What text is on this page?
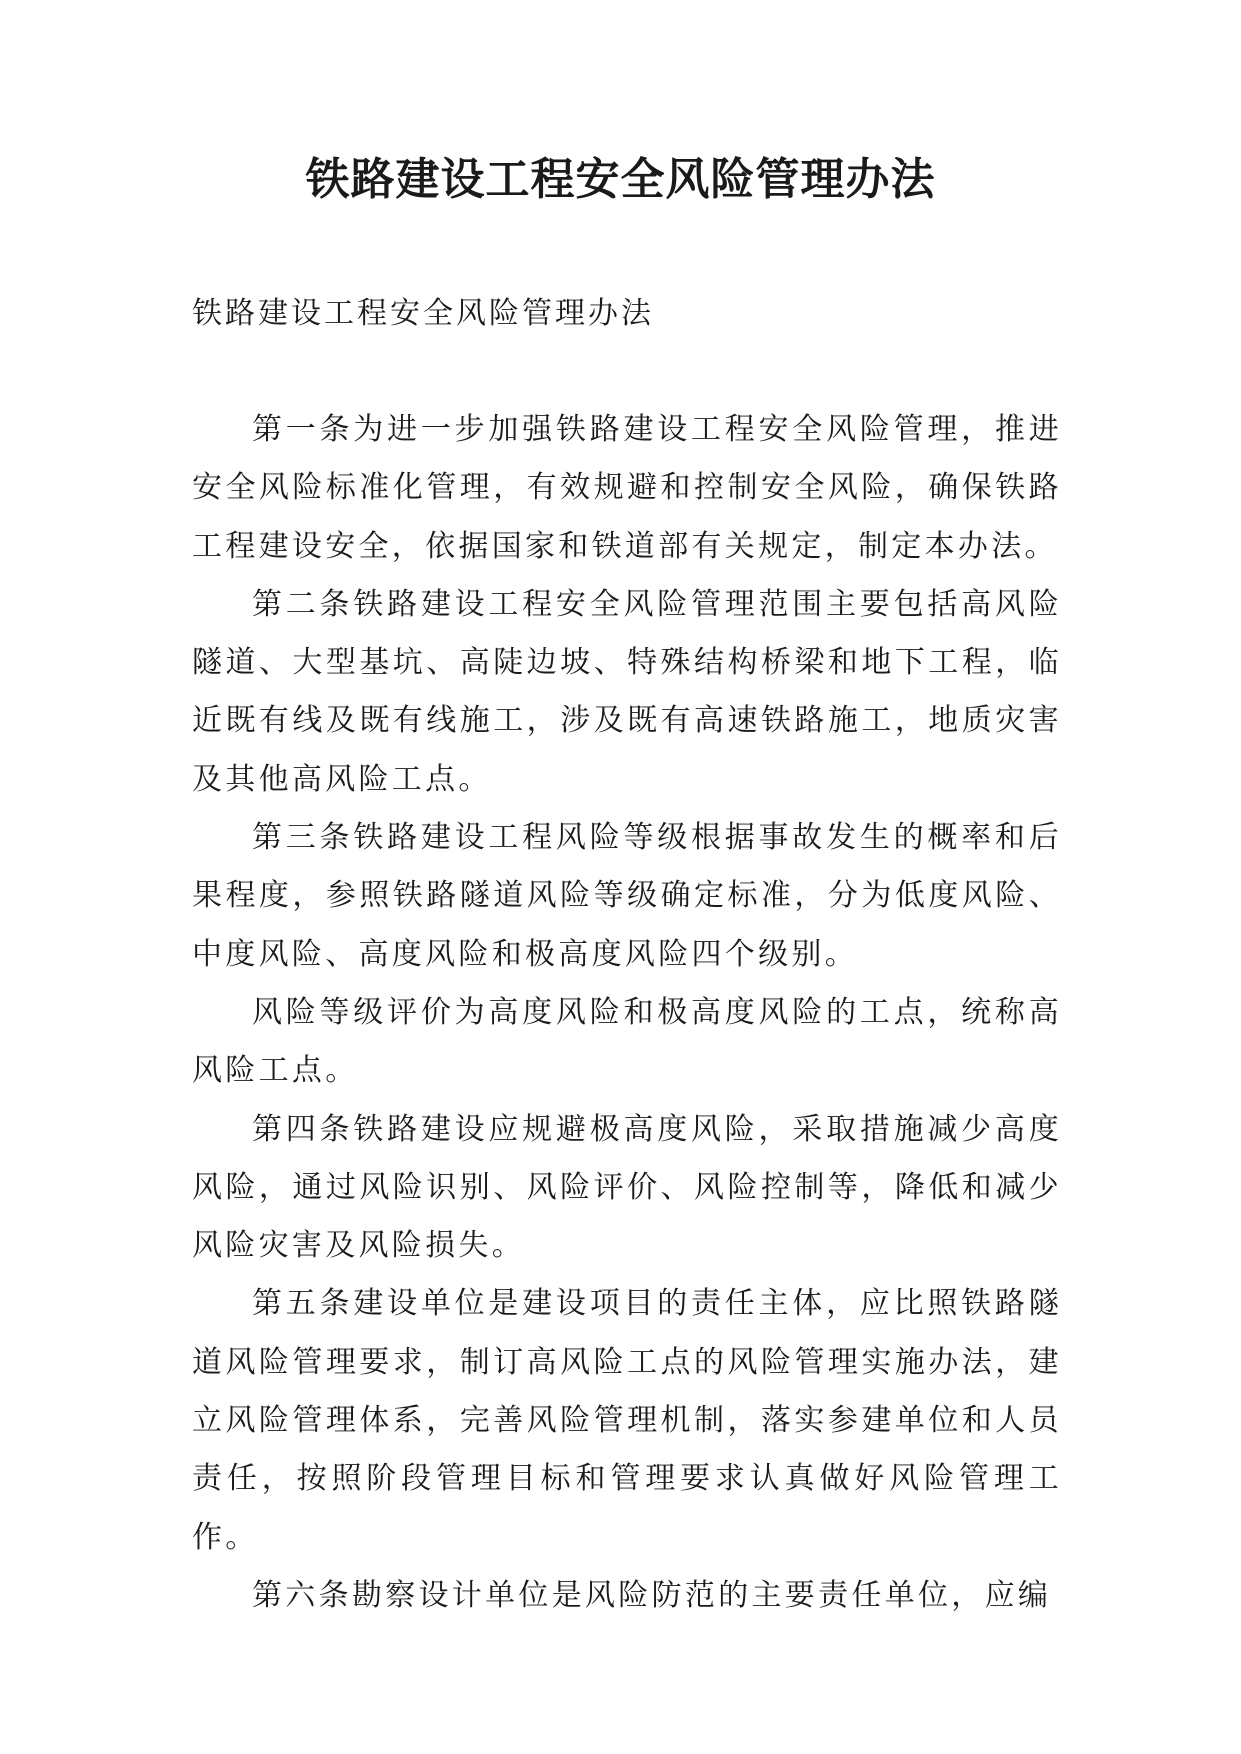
铁路建设工程安全风险管理办法

铁路建设工程安全风险管理办法

第一条为进一步加强铁路建设工程安全风险管理，推进安全风险标准化管理，有效规避和控制安全风险，确保铁路工程建设安全，依据国家和铁道部有关规定，制定本办法。

第二条铁路建设工程安全风险管理范围主要包括高风险隧道、大型基坑、高陡边坡、特殊结构桥梁和地下工程，临近既有线及既有线施工，涉及既有高速铁路施工，地质灾害及其他高风险工点。

第三条铁路建设工程风险等级根据事故发生的概率和后果程度，参照铁路隧道风险等级确定标准，分为低度风险、中度风险、高度风险和极高度风险四个级别。

风险等级评价为高度风险和极高度风险的工点，统称高风险工点。

第四条铁路建设应规避极高度风险，采取措施减少高度风险，通过风险识别、风险评价、风险控制等，降低和减少风险灾害及风险损失。

第五条建设单位是建设项目的责任主体，应比照铁路隧道风险管理要求，制订高风险工点的风险管理实施办法，建立风险管理体系，完善风险管理机制，落实参建单位和人员责任，按照阶段管理目标和管理要求认真做好风险管理工作。

第六条勘察设计单位是风险防范的主要责任单位，应编
